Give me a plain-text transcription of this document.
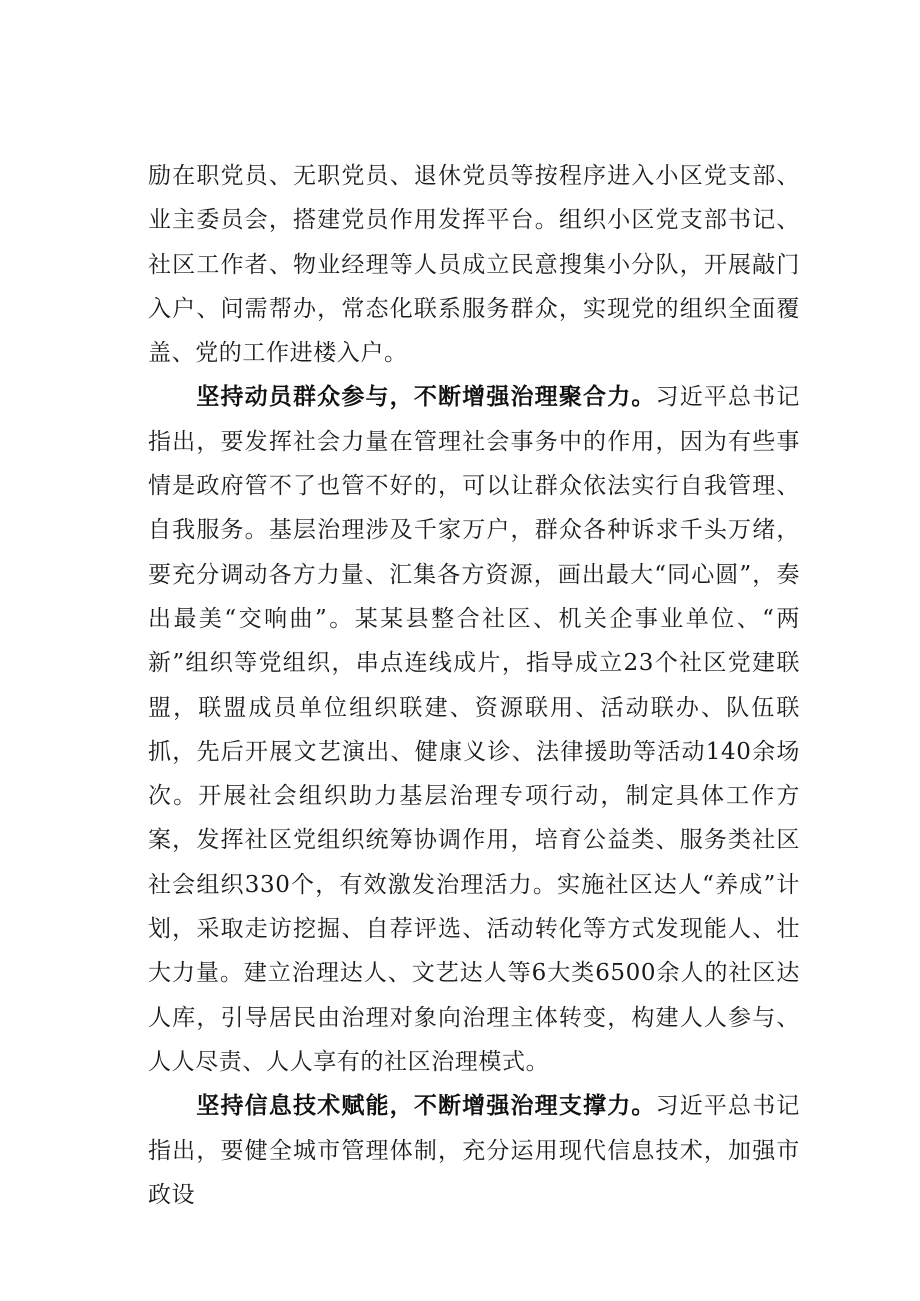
励在职党员、无职党员、退休党员等按程序进入小区党支部、业主委员会，搭建党员作用发挥平台。组织小区党支部书记、社区工作者、物业经理等人员成立民意搜集小分队，开展敲门入户、问需帮办，常态化联系服务群众，实现党的组织全面覆盖、党的工作进楼入户。

坚持动员群众参与，不断增强治理聚合力。习近平总书记指出，要发挥社会力量在管理社会事务中的作用，因为有些事情是政府管不了也管不好的，可以让群众依法实行自我管理、自我服务。基层治理涉及千家万户，群众各种诉求千头万绪，要充分调动各方力量、汇集各方资源，画出最大“同心圆”，奏出最美“交响曲”。某某县整合社区、机关企事业单位、“两新”组织等党组织，串点连线成片，指导成立23个社区党建联盟，联盟成员单位组织联建、资源联用、活动联办、队伍联抓，先后开展文艺演出、健康义诊、法律援助等活动140余场次。开展社会组织助力基层治理专项行动，制定具体工作方案，发挥社区党组织统筹协调作用，培育公益类、服务类社区社会组织330个，有效激发治理活力。实施社区达人“养成”计划，采取走访挖掘、自荐评选、活动转化等方式发现能人、壮大力量。建立治理达人、文艺达人等6大类6500余人的社区达人库，引导居民由治理对象向治理主体转变，构建人人参与、人人尽责、人人享有的社区治理模式。

坚持信息技术赋能，不断增强治理支撑力。习近平总书记指出，要健全城市管理体制，充分运用现代信息技术，加强市政设
